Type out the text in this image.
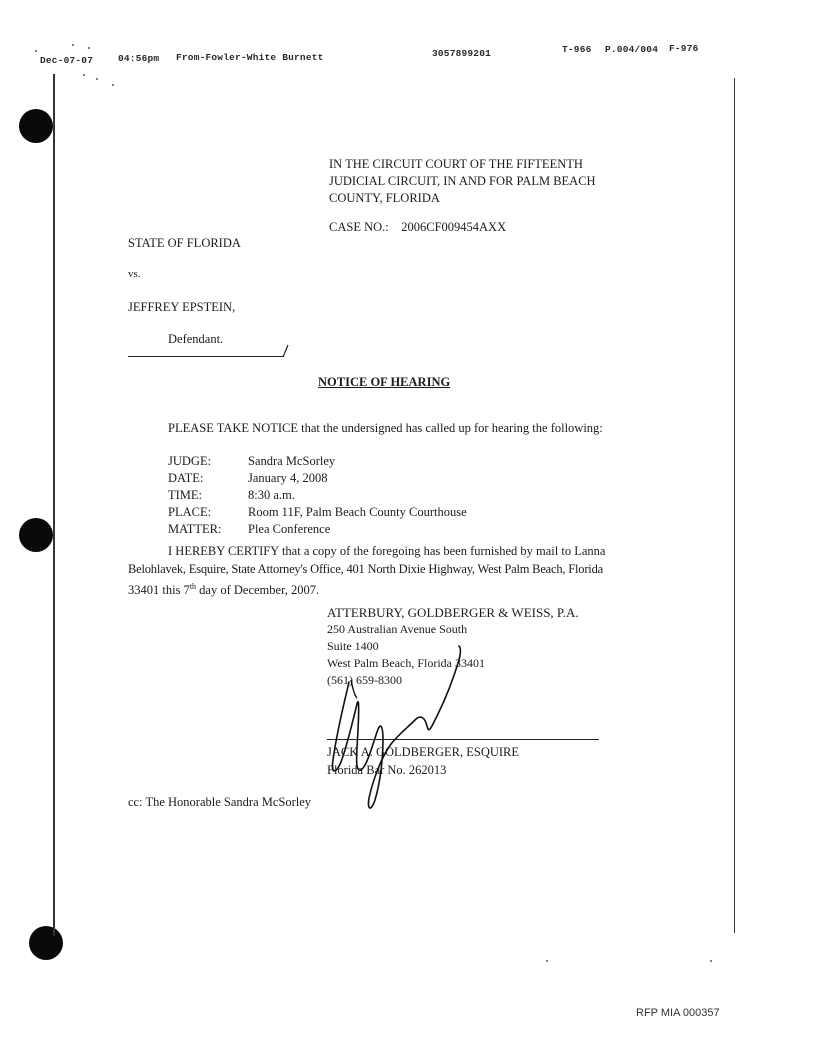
Dec-07-07	04:56pm From-Fowler-White Burnett	3057899201	T-966 P.004/004 F-976
IN THE CIRCUIT COURT OF THE FIFTEENTH
JUDICIAL CIRCUIT, IN AND FOR PALM BEACH
COUNTY, FLORIDA
CASE NO.: 2006CF009454AXX
STATE OF FLORIDA
vs.
JEFFREY EPSTEIN,
Defendant.
NOTICE OF HEARING
PLEASE TAKE NOTICE that the undersigned has called up for hearing the following:
JUDGE:	Sandra McSorley
DATE:	January 4, 2008
TIME:	8:30 a.m.
PLACE:	Room 11F, Palm Beach County Courthouse
MATTER: Plea Conference
I HEREBY CERTIFY that a copy of the foregoing has been furnished by mail to Lanna
Belohlavek, Esquire, State Attorney's Office, 401 North Dixie Highway, West Palm Beach, Florida
33401 this 7th day of December, 2007.
ATTERBURY, GOLDBERGER & WEISS, P.A.
250 Australian Avenue South
Suite 1400
West Palm Beach, Florida 33401
(561) 659-8300
JACK A. GOLDBERGER, ESQUIRE
Florida Bar No. 262013
cc: The Honorable Sandra McSorley
RFP MIA 000357
